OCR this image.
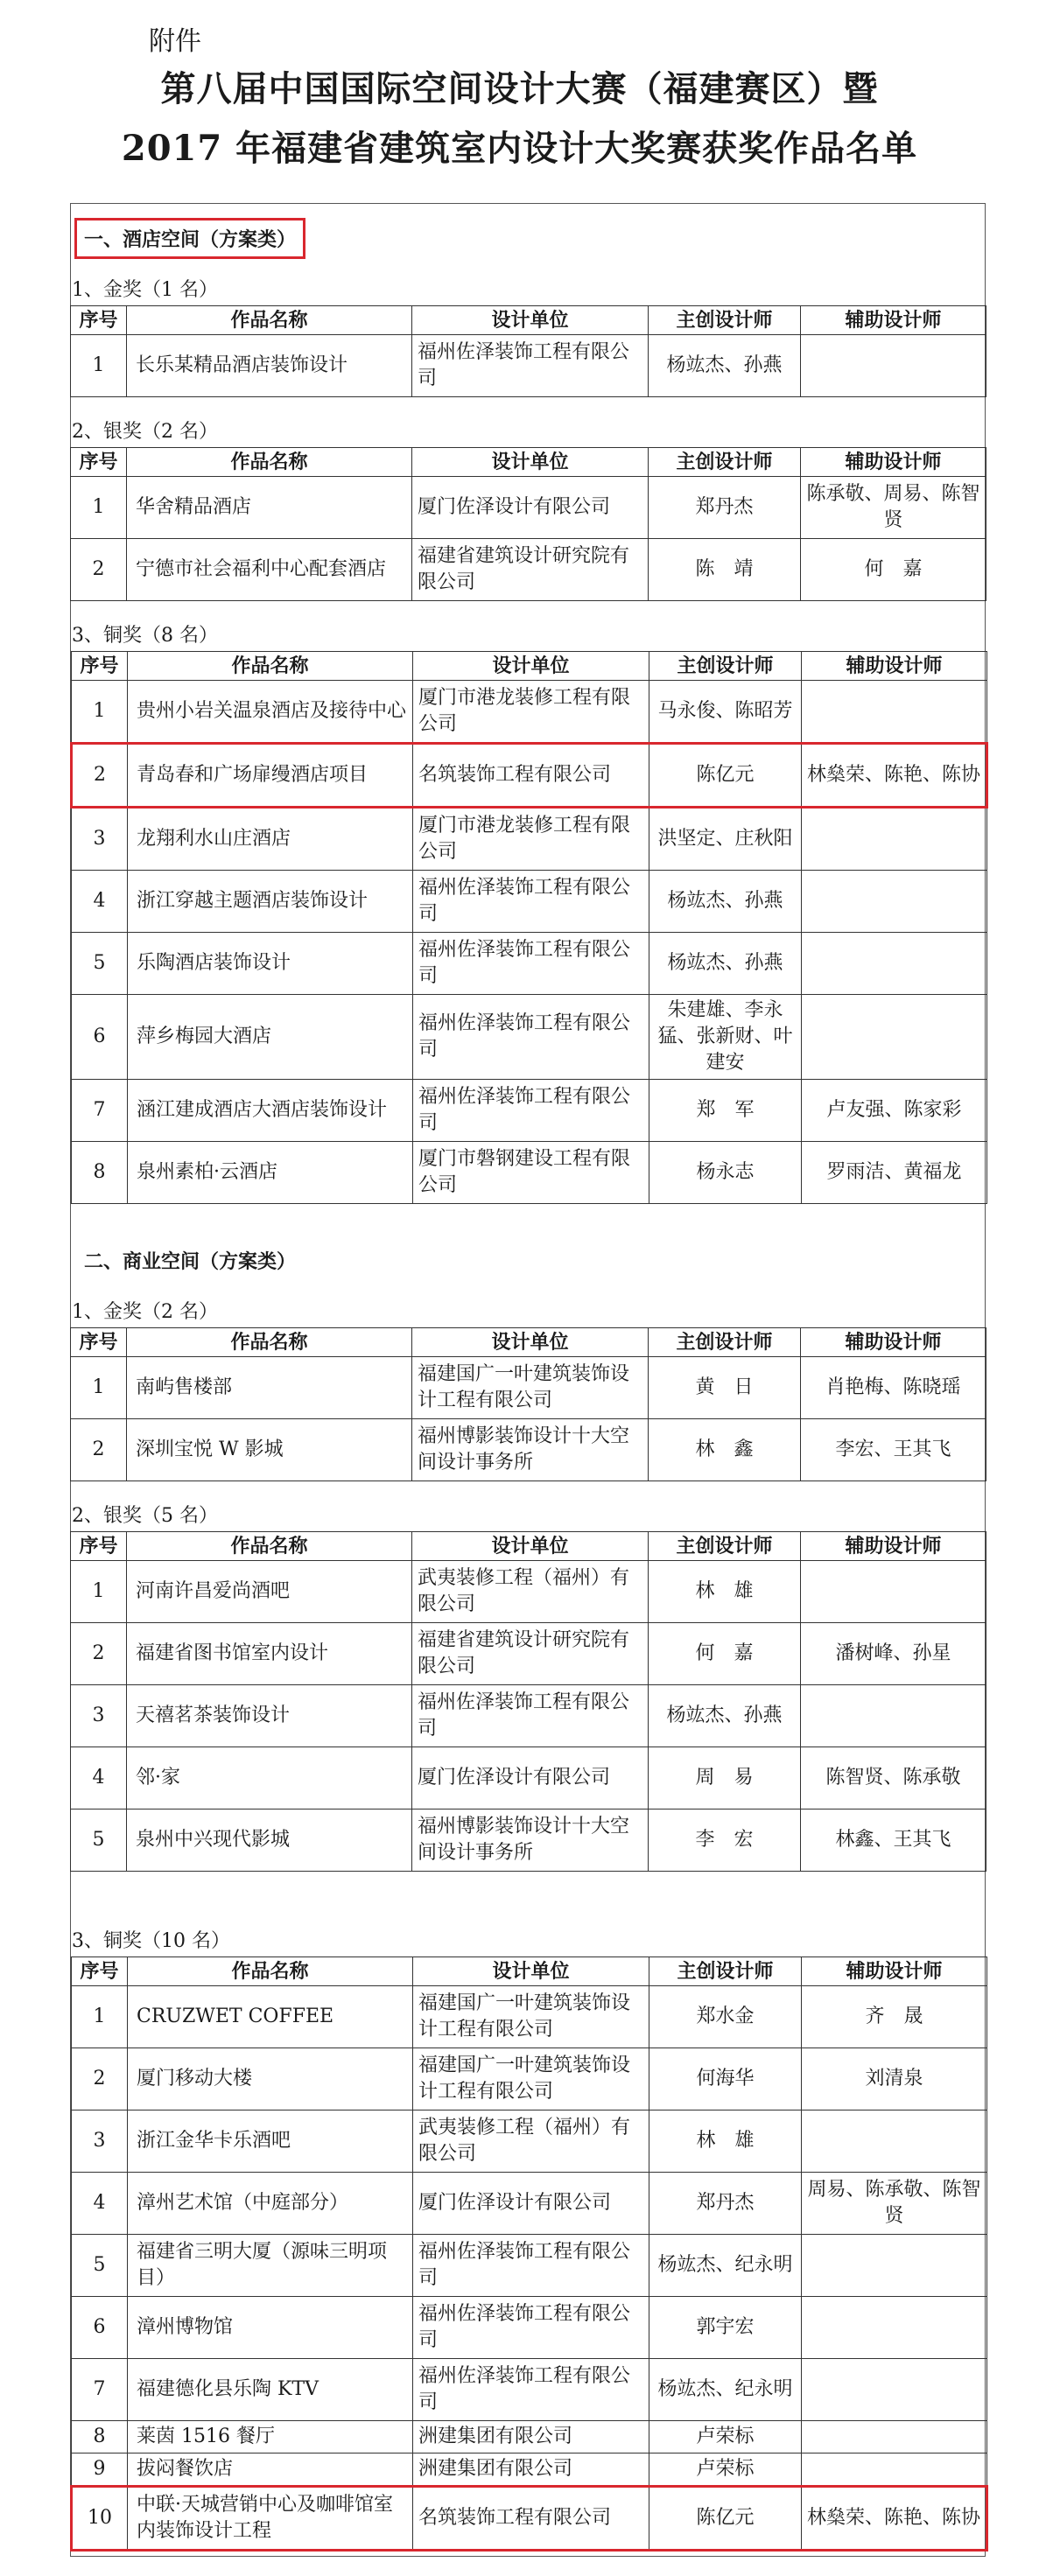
附件
第八届中国国际空间设计大赛（福建赛区）暨
2017 年福建省建筑室内设计大奖赛获奖作品名单
一、酒店空间（方案类）
1、金奖（1 名）
序号	作品名称	设计单位	主创设计师	辅助设计师
1	长乐某精品酒店装饰设计	福州佐泽装饰工程有限公司	杨竑杰、孙燕	
2、银奖（2 名）
序号	作品名称	设计单位	主创设计师	辅助设计师
1	华舍精品酒店	厦门佐泽设计有限公司	郑丹杰	陈承敬、周易、陈智贤
2	宁德市社会福利中心配套酒店	福建省建筑设计研究院有限公司	陈　靖	何　嘉
3、铜奖（8 名）
序号	作品名称	设计单位	主创设计师	辅助设计师
1	贵州小岩关温泉酒店及接待中心	厦门市港龙装修工程有限公司	马永俊、陈昭芳	
2	青岛春和广场扉缦酒店项目	名筑装饰工程有限公司	陈亿元	林燊荣、陈艳、陈协
3	龙翔利水山庄酒店	厦门市港龙装修工程有限公司	洪坚定、庄秋阳	
4	浙江穿越主题酒店装饰设计	福州佐泽装饰工程有限公司	杨竑杰、孙燕	
5	乐陶酒店装饰设计	福州佐泽装饰工程有限公司	杨竑杰、孙燕	
6	萍乡梅园大酒店	福州佐泽装饰工程有限公司	朱建雄、李永猛、张新财、叶建安	
7	涵江建成酒店大酒店装饰设计	福州佐泽装饰工程有限公司	郑　军	卢友强、陈家彩
8	泉州素柏·云酒店	厦门市磐钢建设工程有限公司	杨永志	罗雨洁、黄福龙
二、商业空间（方案类）
1、金奖（2 名）
序号	作品名称	设计单位	主创设计师	辅助设计师
1	南屿售楼部	福建国广一叶建筑装饰设计工程有限公司	黄　日	肖艳梅、陈晓瑶
2	深圳宝悦 W 影城	福州博影装饰设计十大空间设计事务所	林　鑫	李宏、王其飞
2、银奖（5 名）
序号	作品名称	设计单位	主创设计师	辅助设计师
1	河南许昌爱尚酒吧	武夷装修工程（福州）有限公司	林　雄	
2	福建省图书馆室内设计	福建省建筑设计研究院有限公司	何　嘉	潘树峰、孙星
3	天禧茗茶装饰设计	福州佐泽装饰工程有限公司	杨竑杰、孙燕	
4	邻·家	厦门佐泽设计有限公司	周　易	陈智贤、陈承敬
5	泉州中兴现代影城	福州博影装饰设计十大空间设计事务所	李　宏	林鑫、王其飞
3、铜奖（10 名）
序号	作品名称	设计单位	主创设计师	辅助设计师
1	CRUZWET COFFEE	福建国广一叶建筑装饰设计工程有限公司	郑水金	齐　晟
2	厦门移动大楼	福建国广一叶建筑装饰设计工程有限公司	何海华	刘清泉
3	浙江金华卡乐酒吧	武夷装修工程（福州）有限公司	林　雄	
4	漳州艺术馆（中庭部分）	厦门佐泽设计有限公司	郑丹杰	周易、陈承敬、陈智贤
5	福建省三明大厦（源味三明项目）	福州佐泽装饰工程有限公司	杨竑杰、纪永明	
6	漳州博物馆	福州佐泽装饰工程有限公司	郭宇宏	
7	福建德化县乐陶 KTV	福州佐泽装饰工程有限公司	杨竑杰、纪永明	
8	莱茵 1516 餐厅	洲建集团有限公司	卢荣标	
9	拔闷餐饮店	洲建集团有限公司	卢荣标	
10	中联·天城营销中心及咖啡馆室内装饰设计工程	名筑装饰工程有限公司	陈亿元	林燊荣、陈艳、陈协
